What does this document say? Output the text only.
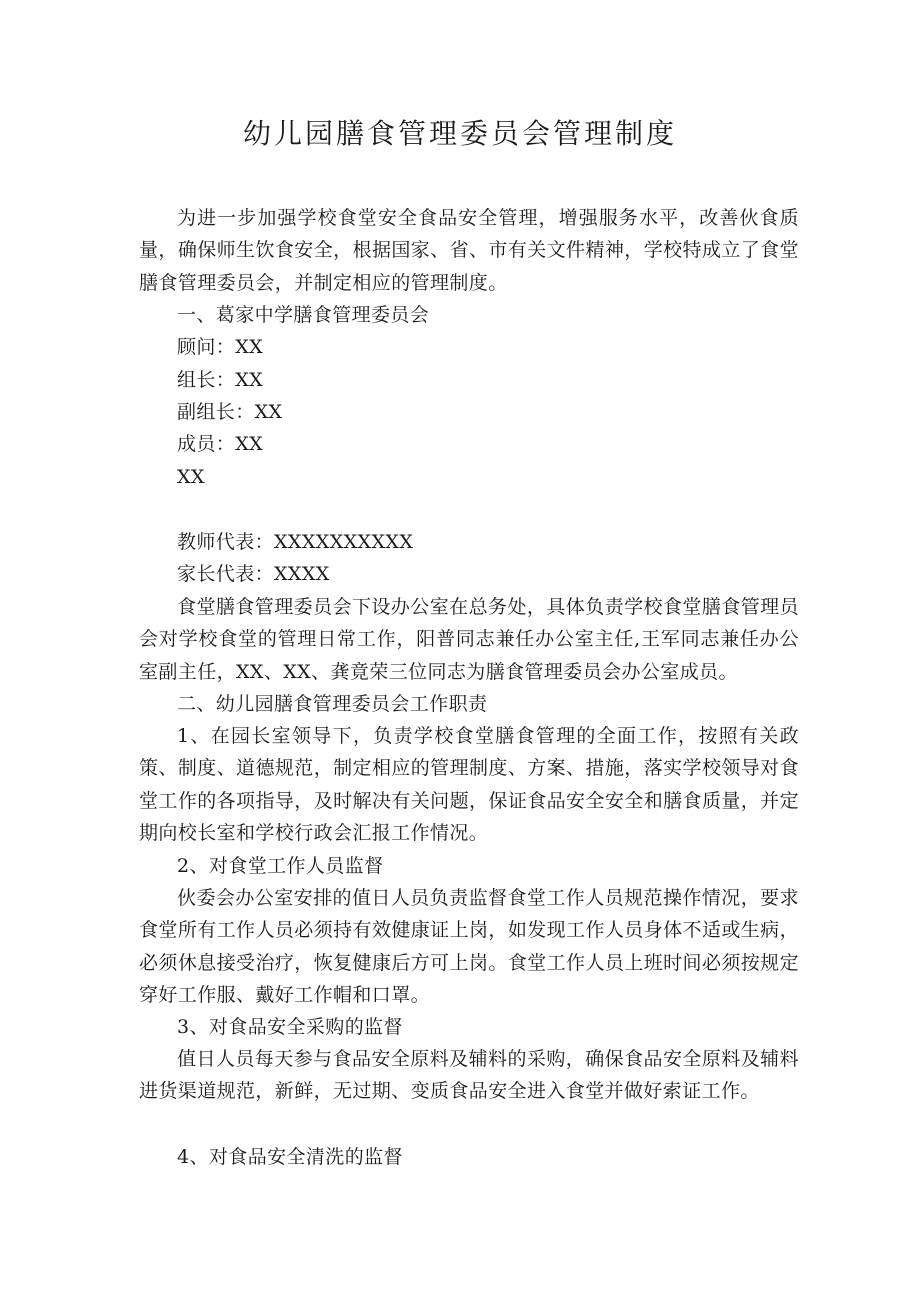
幼儿园膳食管理委员会管理制度
为进一步加强学校食堂安全食品安全管理，增强服务水平，改善伙食质量，确保师生饮食安全，根据国家、省、市有关文件精神，学校特成立了食堂膳食管理委员会，并制定相应的管理制度。
一、葛家中学膳食管理委员会
顾问：XX
组长：XX
副组长：XX
成员：XX
XX
教师代表：XXXXXXXXXX
家长代表：XXXX
食堂膳食管理委员会下设办公室在总务处，具体负责学校食堂膳食管理员会对学校食堂的管理日常工作，阳普同志兼任办公室主任,王军同志兼任办公室副主任，XX、XX、龚竟荣三位同志为膳食管理委员会办公室成员。
二、幼儿园膳食管理委员会工作职责
1、在园长室领导下，负责学校食堂膳食管理的全面工作，按照有关政策、制度、道德规范，制定相应的管理制度、方案、措施，落实学校领导对食堂工作的各项指导，及时解决有关问题，保证食品安全安全和膳食质量，并定期向校长室和学校行政会汇报工作情况。
2、对食堂工作人员监督
伙委会办公室安排的值日人员负责监督食堂工作人员规范操作情况，要求食堂所有工作人员必须持有效健康证上岗，如发现工作人员身体不适或生病，必须休息接受治疗，恢复健康后方可上岗。食堂工作人员上班时间必须按规定穿好工作服、戴好工作帽和口罩。
3、对食品安全采购的监督
值日人员每天参与食品安全原料及辅料的采购，确保食品安全原料及辅料进货渠道规范，新鲜，无过期、变质食品安全进入食堂并做好索证工作。
4、对食品安全清洗的监督
